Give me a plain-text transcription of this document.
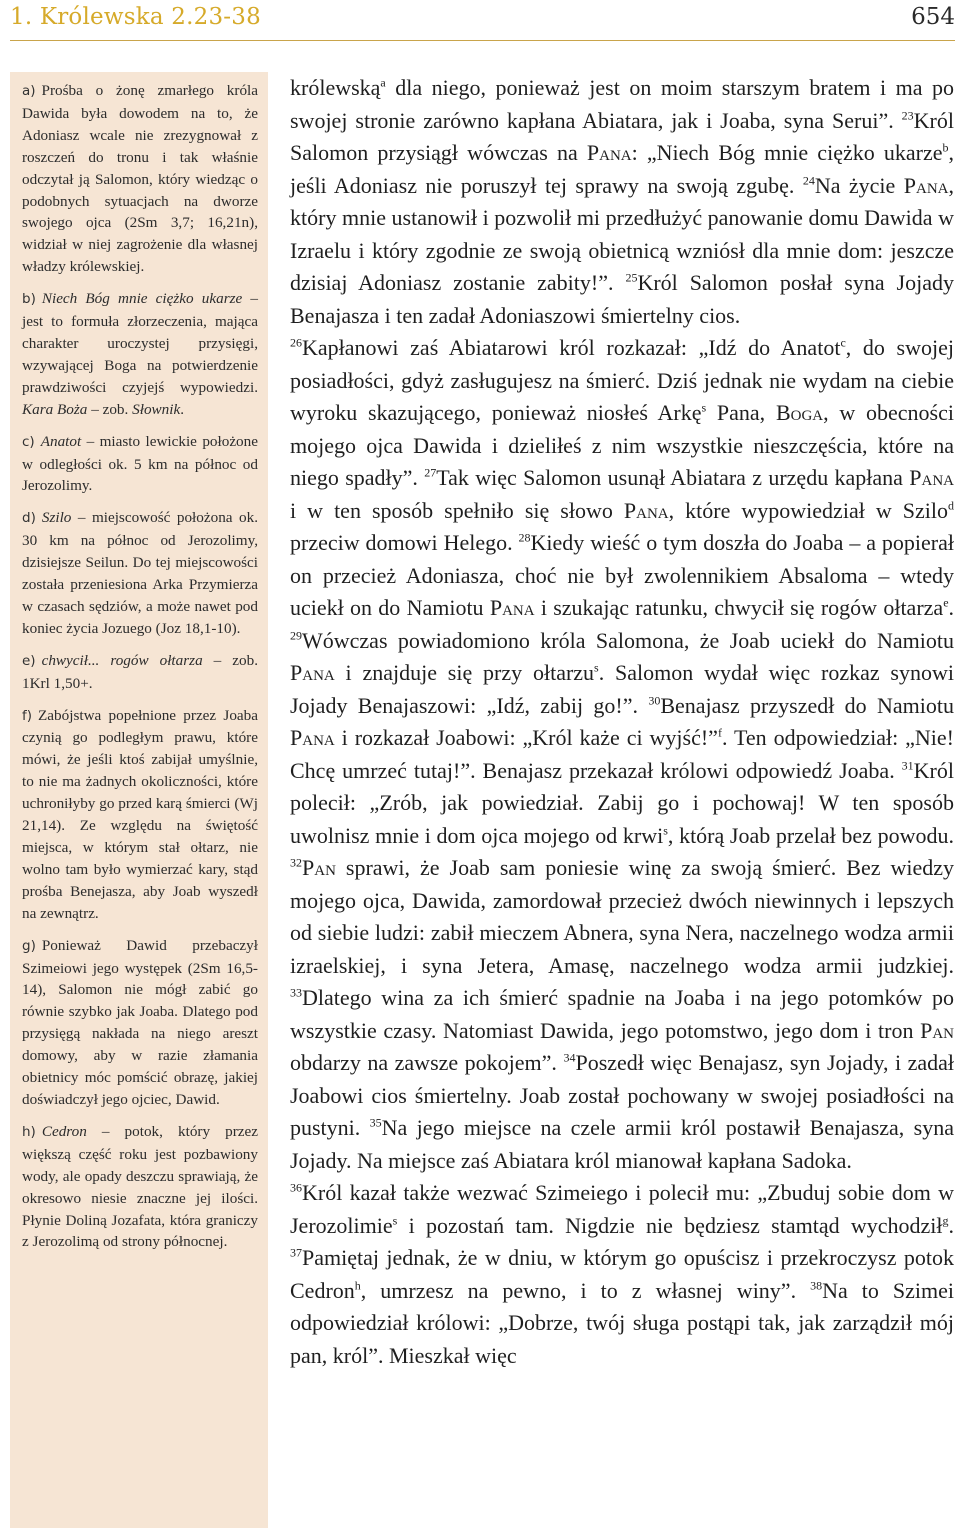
1. Królewska 2.23-38	654

a) Prośba o żonę zmarłego króla Dawida była dowodem na to, że Adoniasz wcale nie zrezygnował z roszczeń do tronu i tak właśnie odczytał ją Salomon, który wiedząc o podobnych sytuacjach na dworze swojego ojca (2Sm 3,7; 16,21n), widział w niej zagrożenie dla własnej władzy królewskiej.

b) Niech Bóg mnie ciężko ukarze – jest to formuła złorzeczenia, mająca charakter uroczystej przysięgi, wzywającej Boga na potwierdzenie prawdziwości czyjejś wypowiedzi. Kara Boża – zob. Słownik.

c) Anatot – miasto lewickie położone w odległości ok. 5 km na północ od Jerozolimy.

d) Szilo – miejscowość położona ok. 30 km na północ od Jerozolimy, dzisiejsze Seilun. Do tej miejscowości została przeniesiona Arka Przymierza w czasach sędziów, a może nawet pod koniec życia Jozuego (Joz 18,1-10).

e) chwycił... rogów ołtarza – zob. 1Krl 1,50+.

f) Zabójstwa popełnione przez Joaba czynią go podległym prawu, które mówi, że jeśli ktoś zabijał umyślnie, to nie ma żadnych okoliczności, które uchroniłyby go przed karą śmierci (Wj 21,14). Ze względu na świętość miejsca, w którym stał ołtarz, nie wolno tam było wymierzać kary, stąd prośba Benejasza, aby Joab wyszedł na zewnątrz.

g) Ponieważ Dawid przebaczył Szimeiowi jego występek (2Sm 16,5-14), Salomon nie mógł zabić go równie szybko jak Joaba. Dlatego pod przysięgą nakłada na niego areszt domowy, aby w razie złamania obietnicy móc pomścić obrazę, jakiej doświadczył jego ojciec, Dawid.

h) Cedron – potok, który przez większą część roku jest pozbawiony wody, ale opady deszczu sprawiają, że okresowo niesie znaczne jej ilości. Płynie Doliną Jozafata, która graniczy z Jerozolimą od strony północnej.

królewską$^a$ dla niego, ponieważ jest on moim starszym bratem i ma po swojej stronie zarówno kapłana Abiatara, jak i Joaba, syna Serui”. $^{23}$Król Salomon przysiągł wówczas na Pana: „Niech Bóg mnie ciężko ukarze$^b$, jeśli Adoniasz nie poruszył tej sprawy na swoją zgubę. $^{24}$Na życie Pana, który mnie ustanowił i pozwolił mi przedłużyć panowanie domu Dawida w Izraelu i który zgodnie ze swoją obietnicą wzniósł dla mnie dom: jeszcze dzisiaj Adoniasz zostanie zabity!”. $^{25}$Król Salomon posłał syna Jojady Benajasza i ten zadał Adoniaszowi śmiertelny cios.

$^{26}$Kapłanowi zaś Abiatarowi król rozkazał: „Idź do Anatot$^c$, do swojej posiadłości, gdyż zasługujesz na śmierć. Dziś jednak nie wydam na ciebie wyroku skazującego, ponieważ niosłeś Arkę$^s$ Pana, Boga, w obecności mojego ojca Dawida i dzieliłeś z nim wszystkie nieszczęścia, które na niego spadły”. $^{27}$Tak więc Salomon usunął Abiatara z urzędu kapłana Pana i w ten sposób spełniło się słowo Pana, które wypowiedział w Szilo$^d$ przeciw domowi Helego. $^{28}$Kiedy wieść o tym doszła do Joaba – a popierał on przecież Adoniasza, choć nie był zwolennikiem Absaloma – wtedy uciekł on do Namiotu Pana i szukając ratunku, chwycił się rogów ołtarza$^e$. $^{29}$Wówczas powiadomiono króla Salomona, że Joab uciekł do Namiotu Pana i znajduje się przy ołtarzu$^s$. Salomon wydał więc rozkaz synowi Jojady Benajaszowi: „Idź, zabij go!”. $^{30}$Benajasz przyszedł do Namiotu Pana i rozkazał Joabowi: „Król każe ci wyjść!”$^f$. Ten odpowiedział: „Nie! Chcę umrzeć tutaj!”. Benajasz przekazał królowi odpowiedź Joaba. $^{31}$Król polecił: „Zrób, jak powiedział. Zabij go i pochowaj! W ten sposób uwolnisz mnie i dom ojca mojego od krwi$^s$, którą Joab przelał bez powodu. $^{32}$Pan sprawi, że Joab sam poniesie winę za swoją śmierć. Bez wiedzy mojego ojca, Dawida, zamordował przecież dwóch niewinnych i lepszych od siebie ludzi: zabił mieczem Abnera, syna Nera, naczelnego wodza armii izraelskiej, i syna Jetera, Amasę, naczelnego wodza armii judzkiej. $^{33}$Dlatego wina za ich śmierć spadnie na Joaba i na jego potomków po wszystkie czasy. Natomiast Dawida, jego potomstwo, jego dom i tron Pan obdarzy na zawsze pokojem”. $^{34}$Poszedł więc Benajasz, syn Jojady, i zadał Joabowi cios śmiertelny. Joab został pochowany w swojej posiadłości na pustyni. $^{35}$Na jego miejsce na czele armii król postawił Benajasza, syna Jojady. Na miejsce zaś Abiatara król mianował kapłana Sadoka.

$^{36}$Król kazał także wezwać Szimeiego i polecił mu: „Zbuduj sobie dom w Jerozolimie$^s$ i pozostań tam. Nigdzie nie będziesz stamtąd wychodził$^g$. $^{37}$Pamiętaj jednak, że w dniu, w którym go opuścisz i przekroczysz potok Cedron$^h$, umrzesz na pewno, i to z własnej winy”. $^{38}$Na to Szimei odpowiedział królowi: „Dobrze, twój sługa postąpi tak, jak zarządził mój pan, król”. Mieszkał więc
